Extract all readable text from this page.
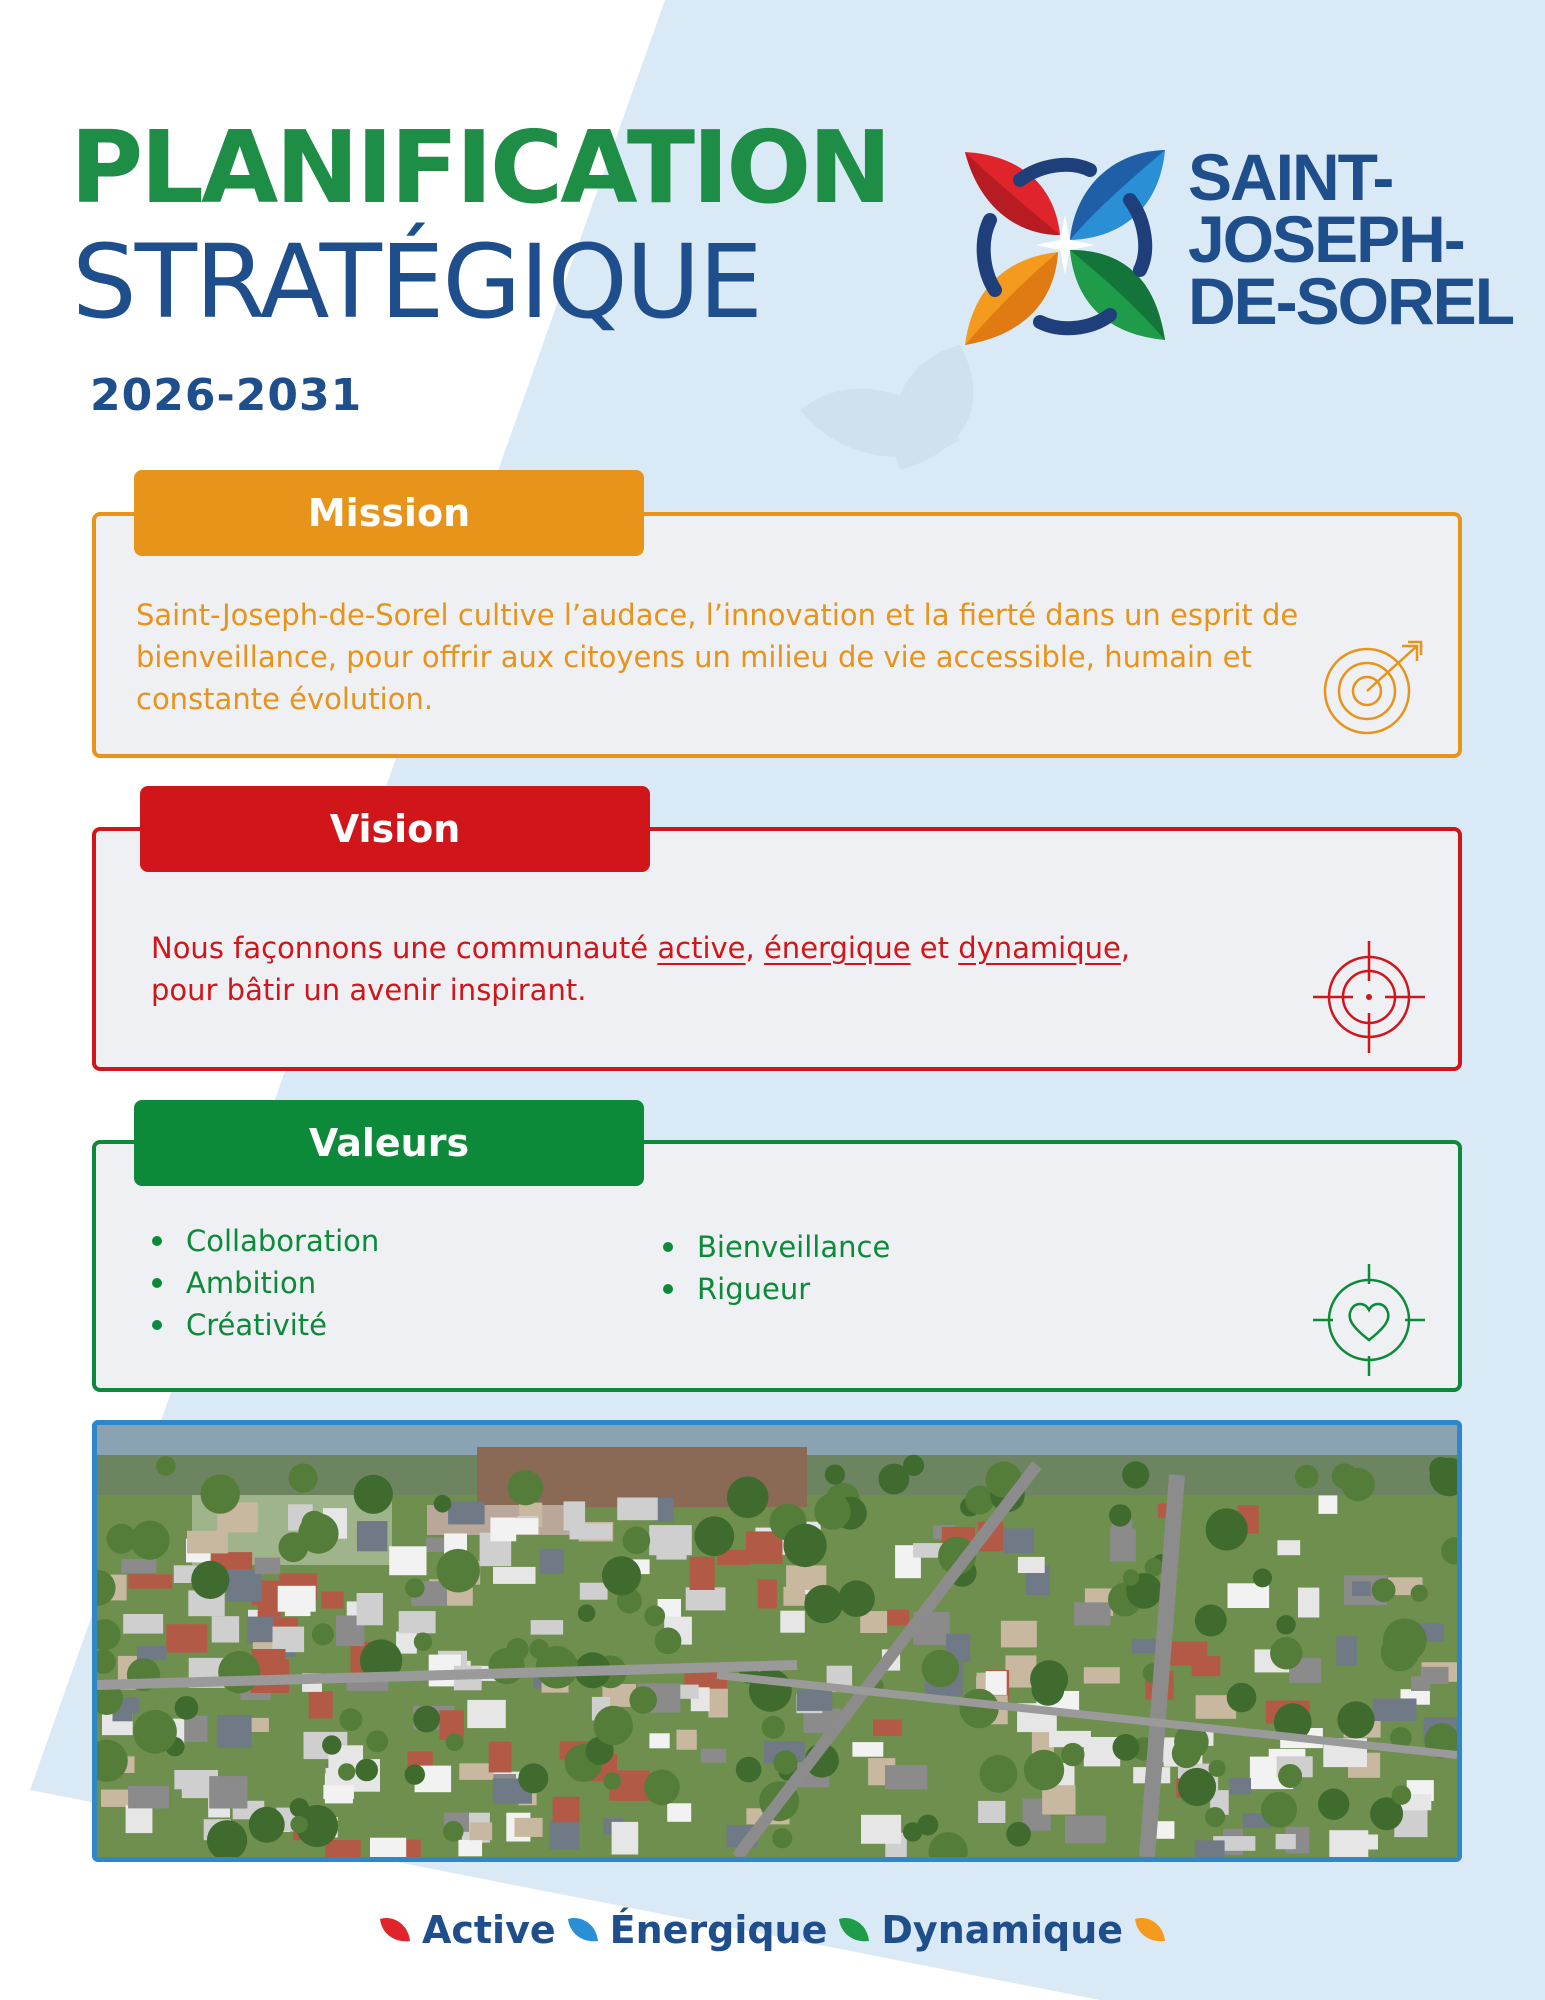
PLANIFICATION
STRATÉGIQUE
2026-2031
SAINT-
JOSEPH-
DE-SOREL
Mission

Saint-Joseph-de-Sorel cultive l’audace, l’innovation et la fierté dans un esprit de bienveillance, pour offrir aux citoyens un milieu de vie accessible, humain et constante évolution.

Vision

Nous façonnons une communauté active, énergique et dynamique,
pour bâtir un avenir inspirant.

Valeurs
Collaboration
Ambition
Créativité
Bienveillance
Rigueur
Active Énergique Dynamique
